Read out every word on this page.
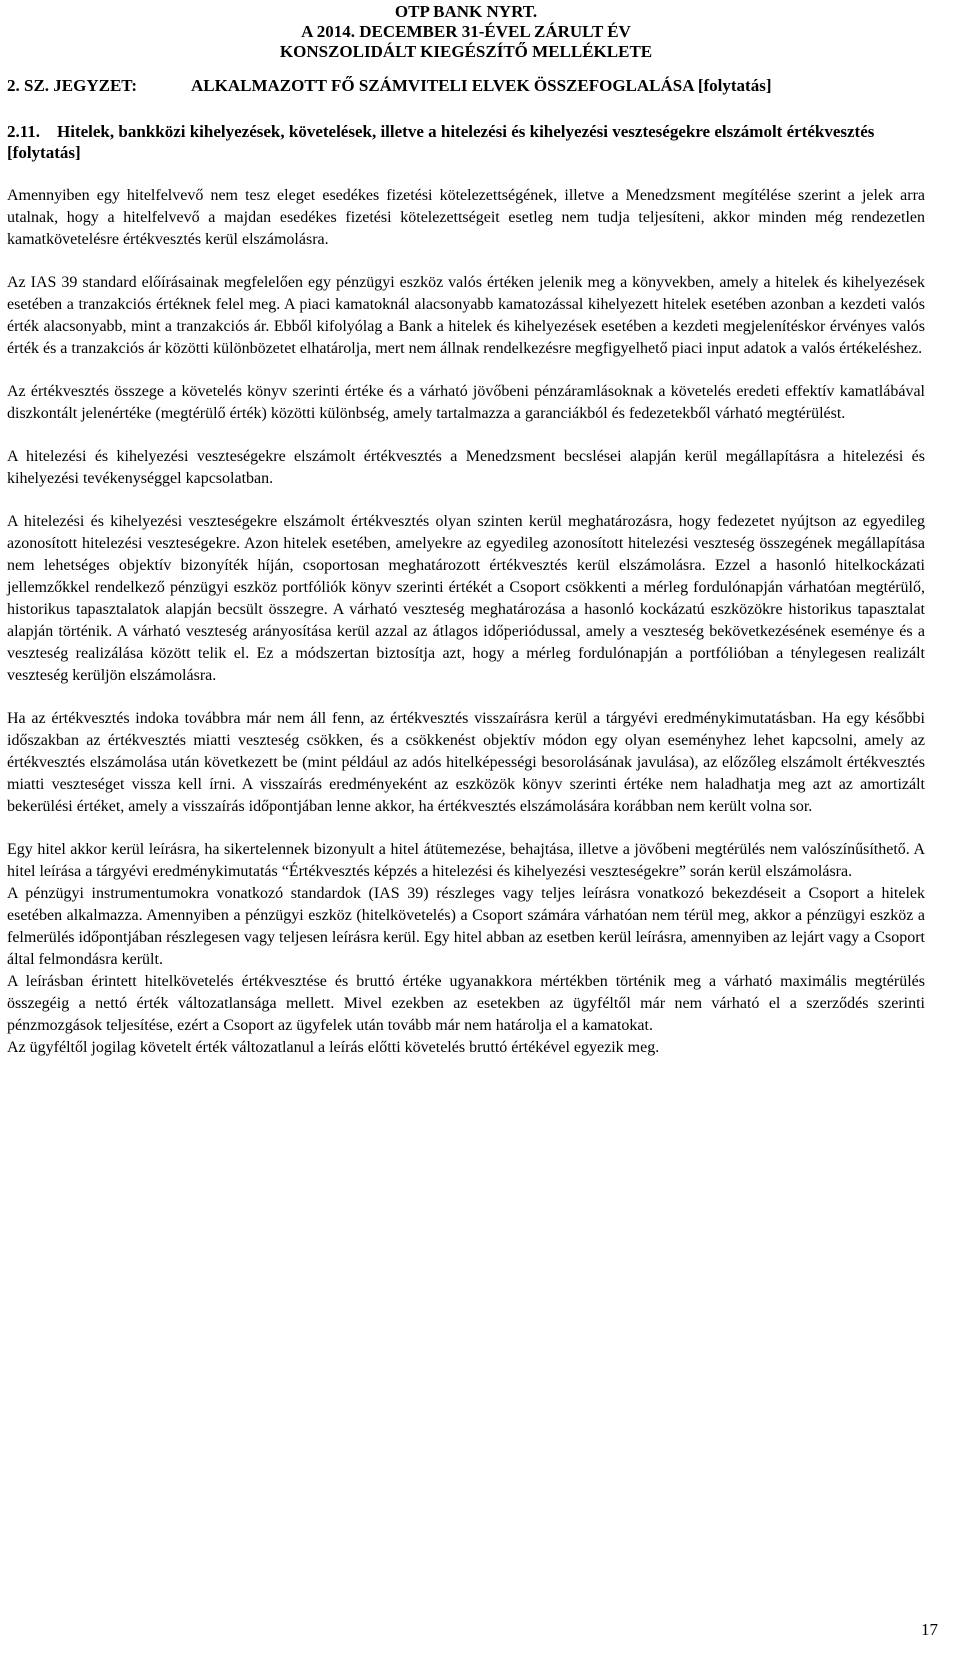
OTP BANK NYRT.
A 2014. DECEMBER 31-ÉVEL ZÁRULT ÉV
KONSZOLIDÁLT KIEGÉSZÍTŐ MELLÉKLETE
2. SZ. JEGYZET:	ALKALMAZOTT FŐ SZÁMVITELI ELVEK ÖSSZEFOGLALÁSA [folytatás]
2.11. Hitelek, bankközi kihelyezések, követelések, illetve a hitelezési és kihelyezési veszteségekre elszámolt értékvesztés [folytatás]

Amennyiben egy hitelfelvevő nem tesz eleget esedékes fizetési kötelezettségének, illetve a Menedzsment megítélése szerint a jelek arra utalnak, hogy a hitelfelvevő a majdan esedékes fizetési kötelezettségeit esetleg nem tudja teljesíteni, akkor minden még rendezetlen kamatkövetelésre értékvesztés kerül elszámolásra.

Az IAS 39 standard előírásainak megfelelően egy pénzügyi eszköz valós értéken jelenik meg a könyvekben, amely a hitelek és kihelyezések esetében a tranzakciós értéknek felel meg. A piaci kamatoknál alacsonyabb kamatozással kihelyezett hitelek esetében azonban a kezdeti valós érték alacsonyabb, mint a tranzakciós ár. Ebből kifolyólag a Bank a hitelek és kihelyezések esetében a kezdeti megjelenítéskor érvényes valós érték és a tranzakciós ár közötti különbözetet elhatárolja, mert nem állnak rendelkezésre megfigyelhető piaci input adatok a valós értékeléshez.

Az értékvesztés összege a követelés könyv szerinti értéke és a várható jövőbeni pénzáramlásoknak a követelés eredeti effektív kamatlábával diszkontált jelenértéke (megtérülő érték) közötti különbség, amely tartalmazza a garanciákból és fedezetekből várható megtérülést.

A hitelezési és kihelyezési veszteségekre elszámolt értékvesztés a Menedzsment becslései alapján kerül megállapításra a hitelezési és kihelyezési tevékenységgel kapcsolatban.

A hitelezési és kihelyezési veszteségekre elszámolt értékvesztés olyan szinten kerül meghatározásra, hogy fedezetet nyújtson az egyedileg azonosított hitelezési veszteségekre. Azon hitelek esetében, amelyekre az egyedileg azonosított hitelezési veszteség összegének megállapítása nem lehetséges objektív bizonyíték híján, csoportosan meghatározott értékvesztés kerül elszámolásra. Ezzel a hasonló hitelkockázati jellemzőkkel rendelkező pénzügyi eszköz portfóliók könyv szerinti értékét a Csoport csökkenti a mérleg fordulónapján várhatóan megtérülő, historikus tapasztalatok alapján becsült összegre. A várható veszteség meghatározása a hasonló kockázatú eszközökre historikus tapasztalat alapján történik. A várható veszteség arányosítása kerül azzal az átlagos időperiódussal, amely a veszteség bekövetkezésének eseménye és a veszteség realizálása között telik el. Ez a módszertan biztosítja azt, hogy a mérleg fordulónapján a portfólióban a ténylegesen realizált veszteség kerüljön elszámolásra.

Ha az értékvesztés indoka továbbra már nem áll fenn, az értékvesztés visszaírásra kerül a tárgyévi eredménykimutatásban. Ha egy későbbi időszakban az értékvesztés miatti veszteség csökken, és a csökkenést objektív módon egy olyan eseményhez lehet kapcsolni, amely az értékvesztés elszámolása után következett be (mint például az adós hitelképességi besorolásának javulása), az előzőleg elszámolt értékvesztés miatti veszteséget vissza kell írni. A visszaírás eredményeként az eszközök könyv szerinti értéke nem haladhatja meg azt az amortizált bekerülési értéket, amely a visszaírás időpontjában lenne akkor, ha értékvesztés elszámolására korábban nem került volna sor.

Egy hitel akkor kerül leírásra, ha sikertelennek bizonyult a hitel átütemezése, behajtása, illetve a jövőbeni megtérülés nem valószínűsíthető. A hitel leírása a tárgyévi eredménykimutatás “Értékvesztés képzés a hitelezési és kihelyezési veszteségekre” során kerül elszámolásra.

A pénzügyi instrumentumokra vonatkozó standardok (IAS 39) részleges vagy teljes leírásra vonatkozó bekezdéseit a Csoport a hitelek esetében alkalmazza. Amennyiben a pénzügyi eszköz (hitelkövetelés) a Csoport számára várhatóan nem térül meg, akkor a pénzügyi eszköz a felmerülés időpontjában részlegesen vagy teljesen leírásra kerül. Egy hitel abban az esetben kerül leírásra, amennyiben az lejárt vagy a Csoport által felmondásra került.

A leírásban érintett hitelkövetelés értékvesztése és bruttó értéke ugyanakkora mértékben történik meg a várható maximális megtérülés összegéig a nettó érték változatlansága mellett. Mivel ezekben az esetekben az ügyféltől már nem várható el a szerződés szerinti pénzmozgások teljesítése, ezért a Csoport az ügyfelek után tovább már nem határolja el a kamatokat.

Az ügyféltől jogilag követelt érték változatlanul a leírás előtti követelés bruttó értékével egyezik meg.

17
